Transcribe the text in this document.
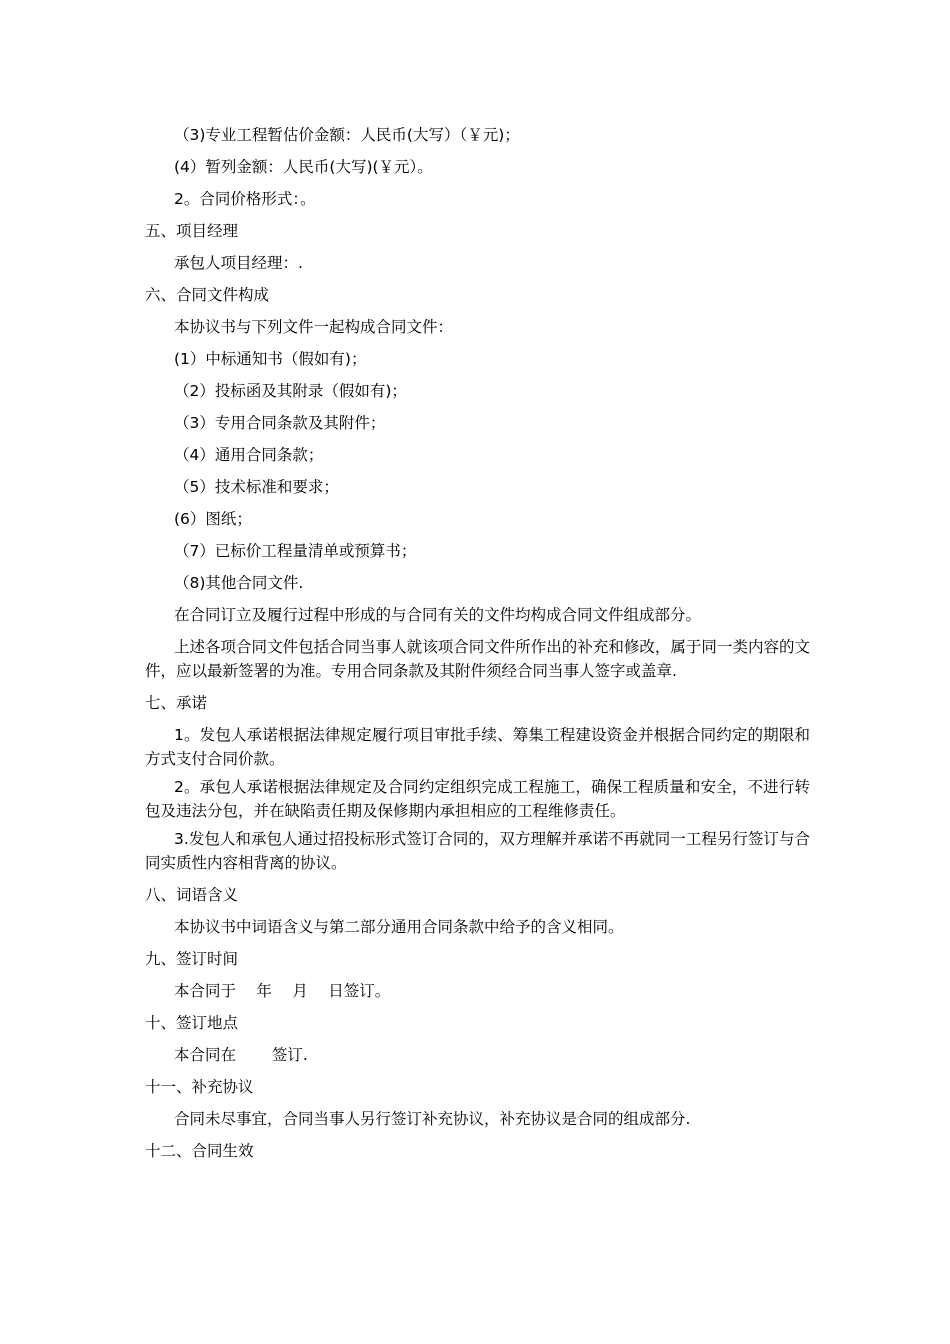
（3)专业工程暂估价金额：人民币(大写）（￥元)；
(4）暂列金额：人民币(大写)(￥元）。
2。合同价格形式：。
五、项目经理
承包人项目经理：.
六、合同文件构成
本协议书与下列文件一起构成合同文件：
(1）中标通知书（假如有)；
（2）投标函及其附录（假如有)；
（3）专用合同条款及其附件；
（4）通用合同条款；
（5）技术标准和要求；
(6）图纸；
（7）已标价工程量清单或预算书；
（8)其他合同文件.
在合同订立及履行过程中形成的与合同有关的文件均构成合同文件组成部分。
上述各项合同文件包括合同当事人就该项合同文件所作出的补充和修改，属于同一类内容的文件，应以最新签署的为准。专用合同条款及其附件须经合同当事人签字或盖章.
七、承诺
1。发包人承诺根据法律规定履行项目审批手续、筹集工程建设资金并根据合同约定的期限和方式支付合同价款。
2。承包人承诺根据法律规定及合同约定组织完成工程施工，确保工程质量和安全，不进行转包及违法分包，并在缺陷责任期及保修期内承担相应的工程维修责任。
3.发包人和承包人通过招投标形式签订合同的，双方理解并承诺不再就同一工程另行签订与合同实质性内容相背离的协议。
八、词语含义
本协议书中词语含义与第二部分通用合同条款中给予的含义相同。
九、签订时间
本合同于　 年　 月　 日签订。
十、签订地点
本合同在　　 签订.
十一、补充协议
合同未尽事宜，合同当事人另行签订补充协议，补充协议是合同的组成部分.
十二、合同生效
